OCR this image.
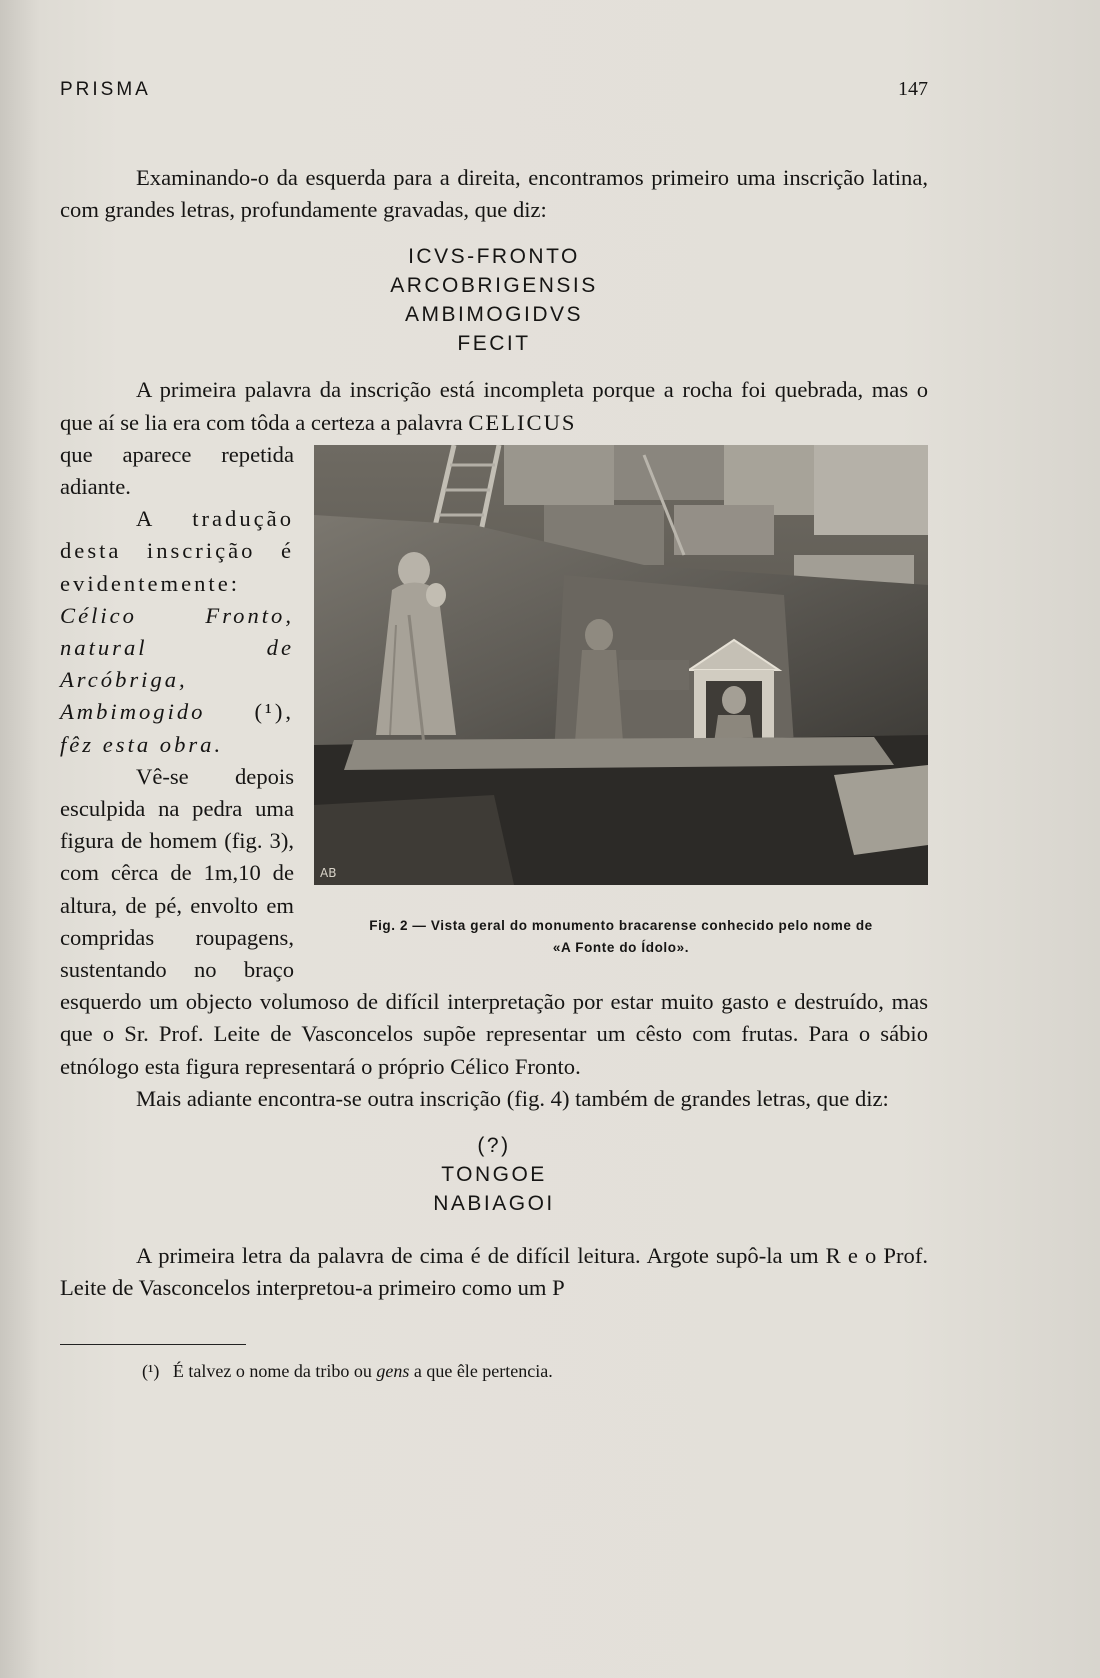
PRISMA	147

Examinando-o da esquerda para a direita, encontramos primeiro uma inscrição latina, com grandes letras, profundamente gravadas, que diz:

ICVS-FRONTO
ARCOBRIGENSIS
AMBIMOGIDVS
FECIT

A primeira palavra da inscrição está incompleta porque a rocha foi quebrada, mas o que aí se lia era com tôda a certeza a palavra CELICUS

AB
Fig. 2 — Vista geral do monumento bracarense conhecido pelo nome de
«A Fonte do Ídolo».

que aparece repetida adiante.

A tradução desta inscrição é evidentemente: Célico Fronto, natural de Arcóbriga, Ambimogido (¹), fêz esta obra.

Vê-se depois esculpida na pedra uma figura de homem (fig. 3), com cêrca de 1m,10 de altura, de pé, envolto em compridas roupagens, sustentando no braço esquerdo um objecto volumoso de difícil interpretação por estar muito gasto e destruído, mas que o Sr. Prof. Leite de Vasconcelos supõe representar um cêsto com frutas. Para o sábio etnólogo esta figura representará o próprio Célico Fronto.

Mais adiante encontra-se outra inscrição (fig. 4) também de grandes letras, que diz:

(?)
TONGOE
NABIAGOI

A primeira letra da palavra de cima é de difícil leitura. Argote supô-la um R e o Prof. Leite de Vasconcelos interpretou-a primeiro como um P

(¹) É talvez o nome da tribo ou gens a que êle pertencia.
